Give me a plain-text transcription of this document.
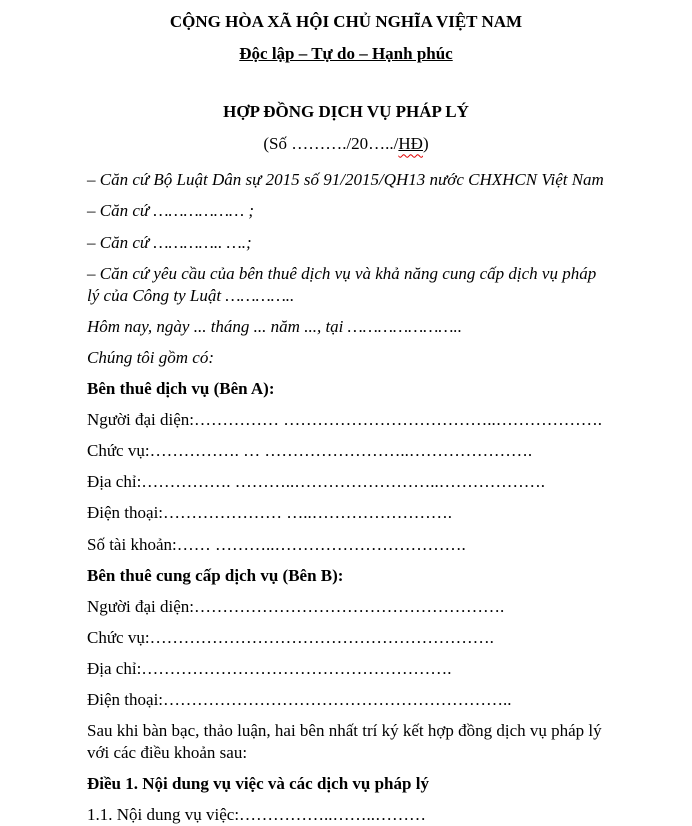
CỘNG HÒA XÃ HỘI CHỦ NGHĨA VIỆT NAM

Độc lập – Tự do – Hạnh phúc

HỢP ĐỒNG DỊCH VỤ PHÁP LÝ

(Số ………./20…../HĐ)

– Căn cứ Bộ Luật Dân sự 2015 số 91/2015/QH13 nước CHXHCN Việt Nam

– Căn cứ ……………… ;

– Căn cứ ………….. ….;

– Căn cứ yêu cầu của bên thuê dịch vụ và khả năng cung cấp dịch vụ pháp lý của Công ty Luật …………..

Hôm nay, ngày ... tháng ... năm ..., tại …………………..

Chúng tôi gồm có:

Bên thuê dịch vụ (Bên A):

Người đại diện:…………… ………………………………..……………….

Chức vụ:……………. … ……………………..………………….

Địa chỉ:……………. ………..……………………..……………….

Điện thoại:………………… …..…………………….

Số tài khoản:…… ………..…………………………….

Bên thuê cung cấp dịch vụ (Bên B):

Người đại diện:……………………………………………….

Chức vụ:…………………………………………………….

Địa chỉ:……………………………………………….

Điện thoại:……………………………………………………..

Sau khi bàn bạc, thảo luận, hai bên nhất trí ký kết hợp đồng dịch vụ pháp lý với các điều khoản sau:

Điều 1. Nội dung vụ việc và các dịch vụ pháp lý

1.1. Nội dung vụ việc:……………..……..………
